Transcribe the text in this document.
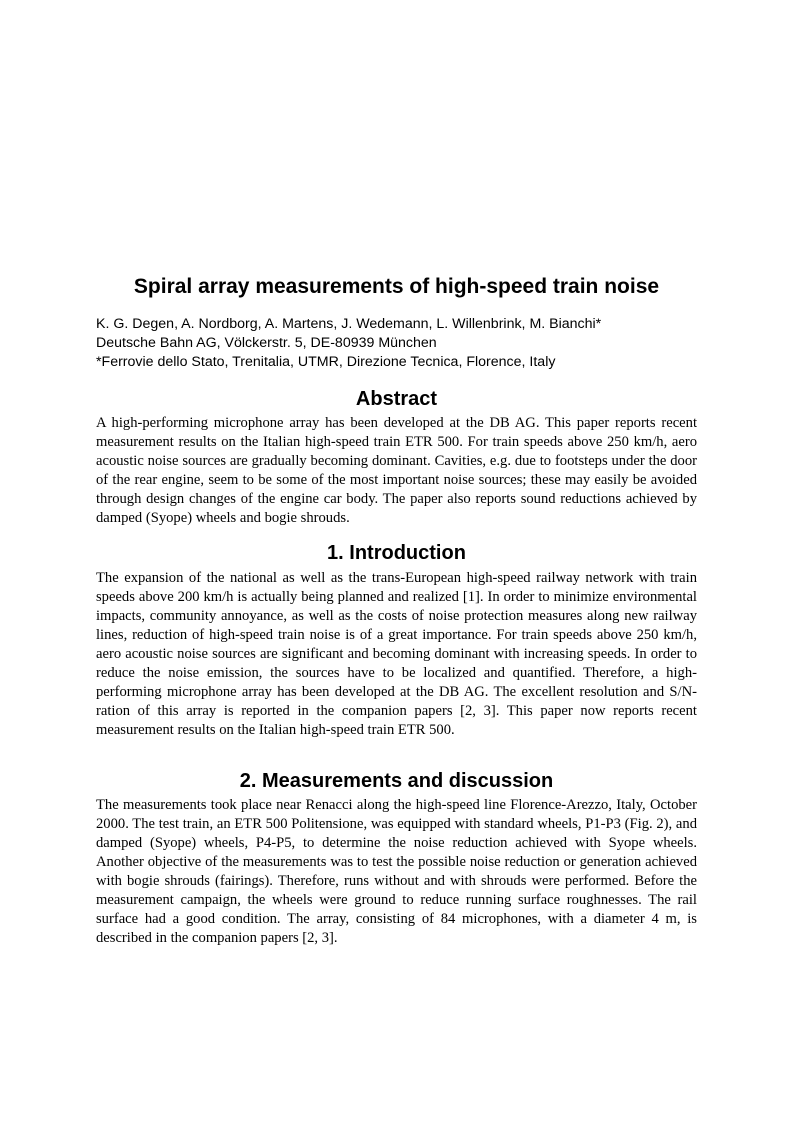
Spiral array measurements of high-speed train noise
K. G. Degen, A. Nordborg, A. Martens, J. Wedemann, L. Willenbrink, M. Bianchi*
Deutsche Bahn AG, Völckerstr. 5, DE-80939 München
*Ferrovie dello Stato, Trenitalia, UTMR, Direzione Tecnica, Florence, Italy
Abstract

A high-performing microphone array has been developed at the DB AG. This paper reports recent measurement results on the Italian high-speed train ETR 500. For train speeds above 250 km/h, aero acoustic noise sources are gradually becoming dominant. Cavities, e.g. due to footsteps under the door of the rear engine, seem to be some of the most important noise sources; these may easily be avoided through design changes of the engine car body. The paper also reports sound reductions achieved by damped (Syope) wheels and bogie shrouds.

1. Introduction

The expansion of the national as well as the trans-European high-speed railway network with train speeds above 200 km/h is actually being planned and realized [1]. In order to minimize environmental impacts, community annoyance, as well as the costs of noise protection measures along new railway lines, reduction of high-speed train noise is of a great importance. For train speeds above 250 km/h, aero acoustic noise sources are significant and becoming dominant with increasing speeds. In order to reduce the noise emission, the sources have to be localized and quantified. Therefore, a high-performing microphone array has been developed at the DB AG. The excellent resolution and S/N-ration of this array is reported in the companion papers [2, 3]. This paper now reports recent measurement results on the Italian high-speed train ETR 500.

2. Measurements and discussion

The measurements took place near Renacci along the high-speed line Florence-Arezzo, Italy, October 2000. The test train, an ETR 500 Politensione, was equipped with standard wheels, P1-P3 (Fig. 2), and damped (Syope) wheels, P4-P5, to determine the noise reduction achieved with Syope wheels. Another objective of the measurements was to test the possible noise reduction or generation achieved with bogie shrouds (fairings). Therefore, runs without and with shrouds were performed. Before the measurement campaign, the wheels were ground to reduce running surface roughnesses. The rail surface had a good condition. The array, consisting of 84 microphones, with a diameter 4 m, is described in the companion papers [2, 3].
